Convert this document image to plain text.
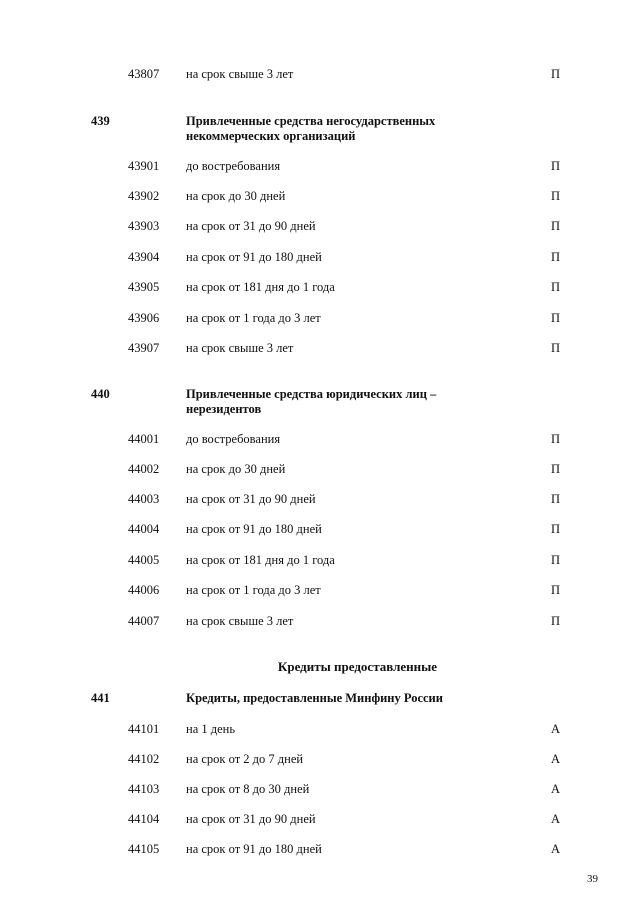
43807 на срок свыше 3 лет	П
439	Привлеченные средства негосударственных некоммерческих организаций
43901 до востребования	П
43902 на срок до 30 дней	П
43903 на срок от 31 до 90 дней	П
43904 на срок от 91 до 180 дней	П
43905 на срок от 181 дня до 1 года	П
43906 на срок от 1 года до 3 лет	П
43907 на срок свыше 3 лет	П
440	Привлеченные средства юридических лиц – нерезидентов
44001 до востребования	П
44002 на срок до 30 дней	П
44003 на срок от 31 до 90 дней	П
44004 на срок от 91 до 180 дней	П
44005 на срок от 181 дня до 1 года	П
44006 на срок от 1 года до 3 лет	П
44007 на срок свыше 3 лет	П
Кредиты предоставленные
441	Кредиты, предоставленные Минфину России
44101 на 1 день	А
44102 на срок от 2 до 7 дней	А
44103 на срок от 8 до 30 дней	А
44104 на срок от 31 до 90 дней	А
44105 на срок от 91 до 180 дней	А
39
